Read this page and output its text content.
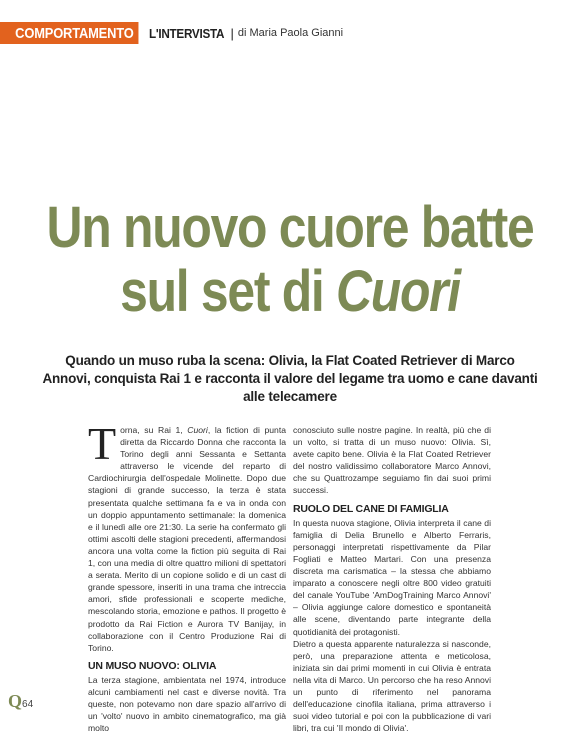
COMPORTAMENTO L'INTERVISTA | di Maria Paola Gianni
Un nuovo cuore batte
sul set di Cuori
Quando un muso ruba la scena: Olivia, la Flat Coated Retriever di Marco Annovi, conquista Rai 1 e racconta il valore del legame tra uomo e cane davanti alle telecamere

Torna, su Rai 1, Cuori, la fiction di punta diretta da Riccardo Donna che racconta la Torino degli anni Sessanta e Settanta attraverso le vicende del reparto di Cardiochirurgia dell'ospedale Molinette. Dopo due stagioni di grande successo, la terza è stata presentata qualche settimana fa e va in onda con un doppio appuntamento settimanale: la domenica e il lunedì alle ore 21:30. La serie ha confermato gli ottimi ascolti delle stagioni precedenti, affermandosi ancora una volta come la fiction più seguita di Rai 1, con una media di oltre quattro milioni di spettatori a serata. Merito di un copione solido e di un cast di grande spessore, inseriti in una trama che intreccia amori, sfide professionali e scoperte mediche, mescolando storia, emozione e pathos. Il progetto è prodotto da Rai Fiction e Aurora TV Banijay, in collaborazione con il Centro Produzione Rai di Torino.

UN MUSO NUOVO: OLIVIA

La terza stagione, ambientata nel 1974, introduce alcuni cambiamenti nel cast e diverse novità. Tra queste, non potevamo non dare spazio all'arrivo di un 'volto' nuovo in ambito cinematografico, ma già molto

conosciuto sulle nostre pagine. In realtà, più che di un volto, si tratta di un muso nuovo: Olivia. Sì, avete capito bene. Olivia è la Flat Coated Retriever del nostro validissimo collaboratore Marco Annovi, che su Quattrozampe seguiamo fin dai suoi primi successi.

RUOLO DEL CANE DI FAMIGLIA

In questa nuova stagione, Olivia interpreta il cane di famiglia di Delia Brunello e Alberto Ferraris, personaggi interpretati rispettivamente da Pilar Fogliati e Matteo Martari. Con una presenza discreta ma carismatica – la stessa che abbiamo imparato a conoscere negli oltre 800 video gratuiti del canale YouTube 'AmDogTraining Marco Annovi' – Olivia aggiunge calore domestico e spontaneità alle scene, diventando parte integrante della quotidianità dei protagonisti.

Dietro a questa apparente naturalezza si nasconde, però, una preparazione attenta e meticolosa, iniziata sin dai primi momenti in cui Olivia è entrata nella vita di Marco. Un percorso che ha reso Annovi un punto di riferimento nel panorama dell'educazione cinofila italiana, prima attraverso i suoi video tutorial e poi con la pubblicazione di vari libri, tra cui 'Il mondo di Olivia'.

Q 64
